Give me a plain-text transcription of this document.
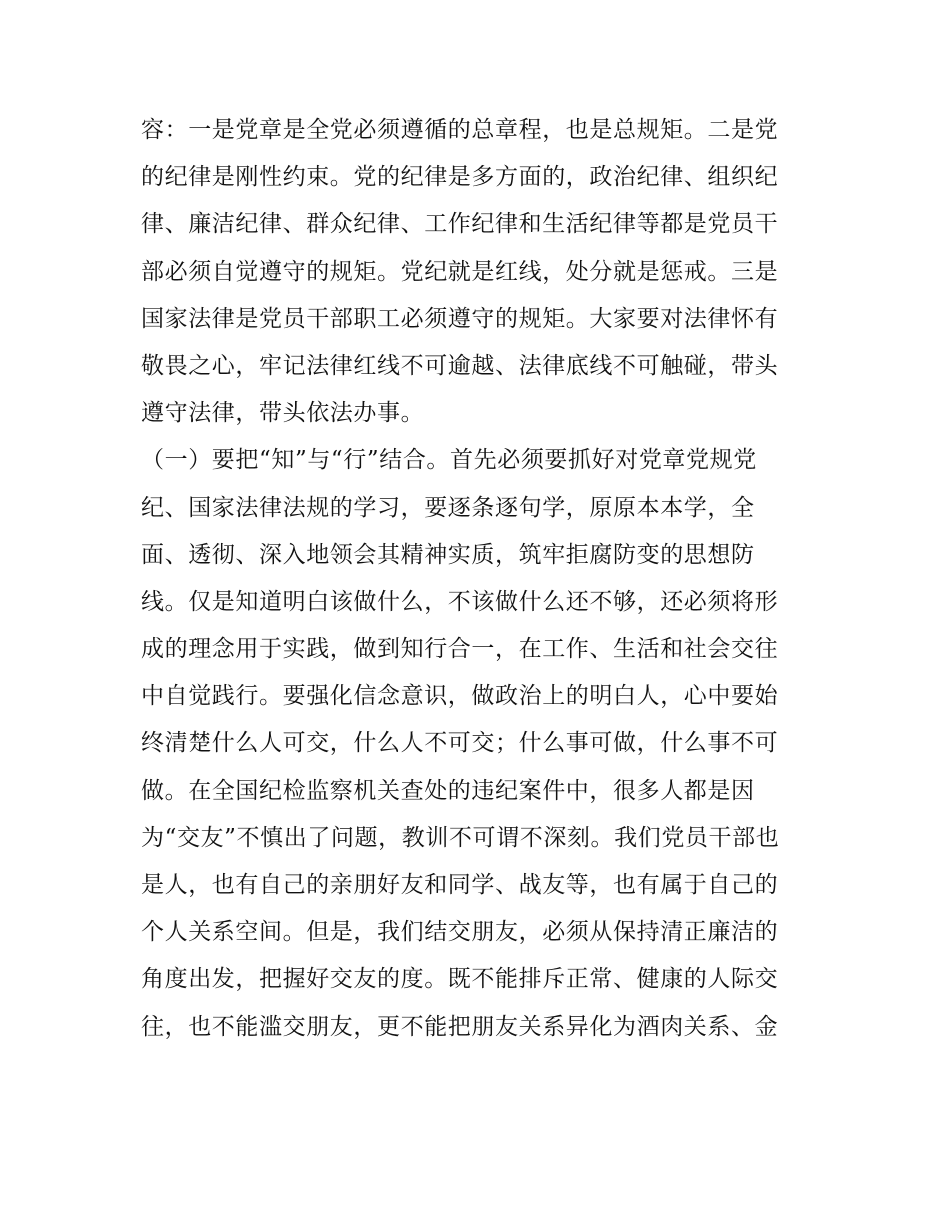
容：一是党章是全党必须遵循的总章程，也是总规矩。二是党
的纪律是刚性约束。党的纪律是多方面的，政治纪律、组织纪
律、廉洁纪律、群众纪律、工作纪律和生活纪律等都是党员干
部必须自觉遵守的规矩。党纪就是红线，处分就是惩戒。三是
国家法律是党员干部职工必须遵守的规矩。大家要对法律怀有
敬畏之心，牢记法律红线不可逾越、法律底线不可触碰，带头
遵守法律，带头依法办事。
（一）要把“知”与“行”结合。首先必须要抓好对党章党规党
纪、国家法律法规的学习，要逐条逐句学，原原本本学，全
面、透彻、深入地领会其精神实质，筑牢拒腐防变的思想防
线。仅是知道明白该做什么，不该做什么还不够，还必须将形
成的理念用于实践，做到知行合一，在工作、生活和社会交往
中自觉践行。要强化信念意识，做政治上的明白人，心中要始
终清楚什么人可交，什么人不可交；什么事可做，什么事不可
做。在全国纪检监察机关查处的违纪案件中，很多人都是因
为“交友”不慎出了问题，教训不可谓不深刻。我们党员干部也
是人，也有自己的亲朋好友和同学、战友等，也有属于自己的
个人关系空间。但是，我们结交朋友，必须从保持清正廉洁的
角度出发，把握好交友的度。既不能排斥正常、健康的人际交
往，也不能滥交朋友，更不能把朋友关系异化为酒肉关系、金
